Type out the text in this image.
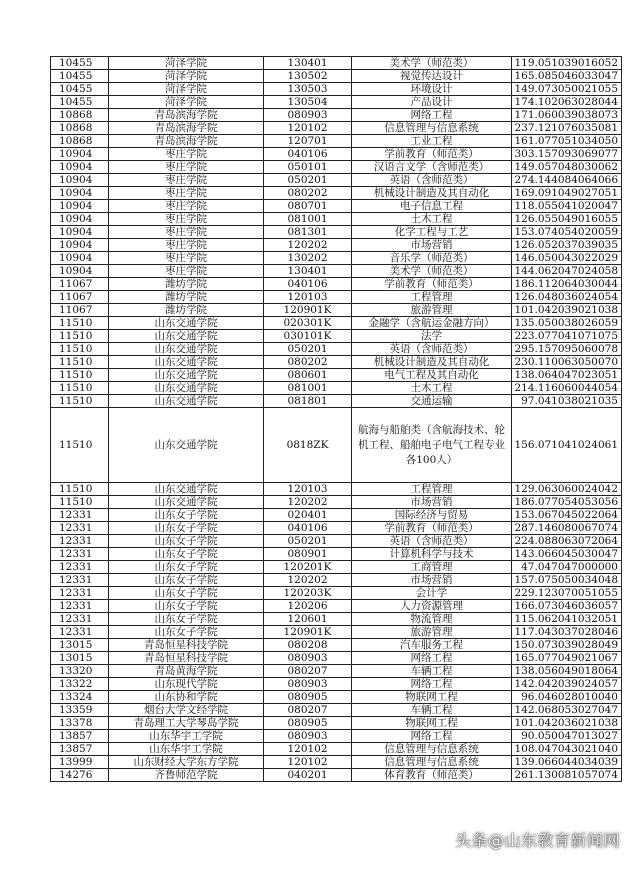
10455	菏泽学院	130401	美术学（师范类）	119.051039016052
10455	菏泽学院	130502	视觉传达设计	165.085046033047
10455	菏泽学院	130503	环境设计	149.073050021055
10455	菏泽学院	130504	产品设计	174.102063028044
10868	青岛滨海学院	080903	网络工程	171.060039038073
10868	青岛滨海学院	120102	信息管理与信息系统	237.121076035081
10868	青岛滨海学院	120701	工业工程	161.077051034050
10904	枣庄学院	040106	学前教育（师范类）	303.157093069077
10904	枣庄学院	050101	汉语言文学（含师范类）	149.057048030062
10904	枣庄学院	050201	英语（含师范类）	274.144084064066
10904	枣庄学院	080202	机械设计制造及其自动化	169.091049027051
10904	枣庄学院	080701	电子信息工程	118.055041020047
10904	枣庄学院	081001	土木工程	126.055049016055
10904	枣庄学院	081301	化学工程与工艺	153.074054020059
10904	枣庄学院	120202	市场营销	126.052037039035
10904	枣庄学院	130202	音乐学（师范类）	146.050043022029
10904	枣庄学院	130401	美术学（师范类）	144.062047024058
11067	潍坊学院	040106	学前教育（师范类）	186.112064030044
11067	潍坊学院	120103	工程管理	126.048036024054
11067	潍坊学院	120901K	旅游管理	101.042039021038
11510	山东交通学院	020301K	金融学（含航运金融方向）	135.050038026059
11510	山东交通学院	030101K	法学	223.077041071075
11510	山东交通学院	050201	英语（含师范类）	295.157095060078
11510	山东交通学院	080202	机械设计制造及其自动化	230.110063050070
11510	山东交通学院	080601	电气工程及其自动化	138.064047023051
11510	山东交通学院	081001	土木工程	214.116060044054
11510	山东交通学院	081801	交通运输	97.041038021035
11510	山东交通学院	0818ZK	航海与船舶类（含航海技术、轮机工程、船舶电子电气工程专业各100人）	156.071041024061
11510	山东交通学院	120103	工程管理	129.063060024042
11510	山东交通学院	120202	市场营销	186.077054053056
12331	山东女子学院	020401	国际经济与贸易	153.067045022064
12331	山东女子学院	040106	学前教育（师范类）	287.146080067074
12331	山东女子学院	050201	英语（含师范类）	224.088063072064
12331	山东女子学院	080901	计算机科学与技术	143.066045030047
12331	山东女子学院	120201K	工商管理	47.047047000000
12331	山东女子学院	120202	市场营销	157.075050034048
12331	山东女子学院	120203K	会计学	229.123070051055
12331	山东女子学院	120206	人力资源管理	166.073046036057
12331	山东女子学院	120601	物流管理	115.062041032051
12331	山东女子学院	120901K	旅游管理	117.043037028046
13015	青岛恒星科技学院	080208	汽车服务工程	150.073039028049
13015	青岛恒星科技学院	080903	网络工程	165.077049021067
13320	青岛黄海学院	080207	车辆工程	138.056049018064
13322	山东现代学院	080903	网络工程	142.042039024057
13324	山东协和学院	080905	物联网工程	96.046028010040
13359	烟台大学文经学院	080207	车辆工程	142.068053027047
13378	青岛理工大学琴岛学院	080905	物联网工程	101.042036021038
13857	山东华宇工学院	080903	网络工程	90.050047013027
13857	山东华宇工学院	120102	信息管理与信息系统	108.047043021040
13999	山东财经大学东方学院	120102	信息管理与信息系统	139.066044034039
14276	齐鲁师范学院	040201	体育教育（师范类）	261.130081057074
头条@山东教育新闻网
